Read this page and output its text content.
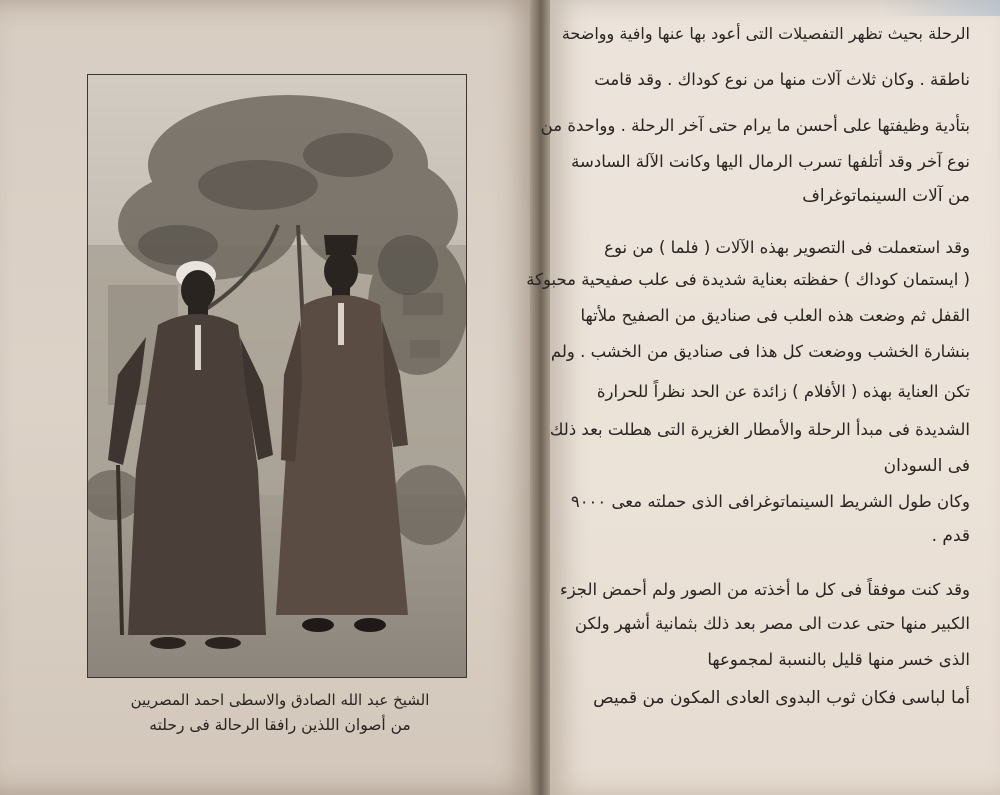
الشيخ عبد الله الصادق والاسطى احمد المصريين
من أصوان اللذين رافقا الرحالة فى رحلته
الرحلة بحيث تظهر التفصيلات التى أعود بها عنها وافية وواضحة
ناطقة . وكان ثلاث آلات منها من نوع كوداك . وقد قامت
بتأدية وظيفتها على أحسن ما يرام حتى آخر الرحلة . وواحدة من
نوع آخر وقد أتلفها تسرب الرمال اليها وكانت الآلة السادسة
من آلات السينماتوغراف
وقد استعملت فى التصوير بهذه الآلات ( فلما ) من نوع
( ايستمان كوداك ) حفظته بعناية شديدة فى علب صفيحية محبوكة
القفل ثم وضعت هذه العلب فى صناديق من الصفيح ملأتها
بنشارة الخشب ووضعت كل هذا فى صناديق من الخشب . ولم
تكن العناية بهذه ( الأفلام ) زائدة عن الحد نظراً للحرارة
الشديدة فى مبدأ الرحلة والأمطار الغزيرة التى هطلت بعد ذلك
فى السودان
وكان طول الشريط السينماتوغرافى الذى حملته معى ٩٠٠٠
قدم .
وقد كنت موفقاً فى كل ما أخذته من الصور ولم أحمض الجزء
الكبير منها حتى عدت الى مصر بعد ذلك بثمانية أشهر ولكن
الذى خسر منها قليل بالنسبة لمجموعها
أما لباسى فكان ثوب البدوى العادى المكون من قميص
